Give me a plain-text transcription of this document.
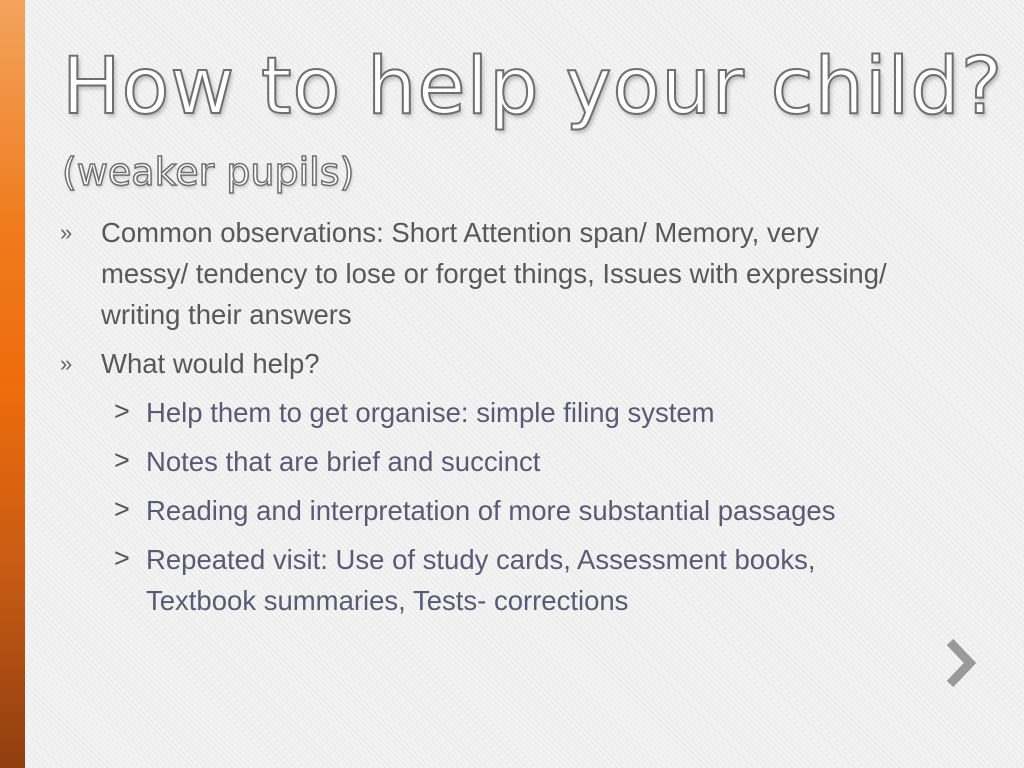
How to help your child?
(weaker pupils)
» Common observations: Short Attention span/ Memory, very messy/ tendency to lose or forget things, Issues with expressing/ writing their answers
» What would help?
> Help them to get organise: simple filing system
> Notes that are brief and succinct
> Reading and interpretation of more substantial passages
> Repeated visit: Use of study cards, Assessment books, Textbook summaries, Tests- corrections
